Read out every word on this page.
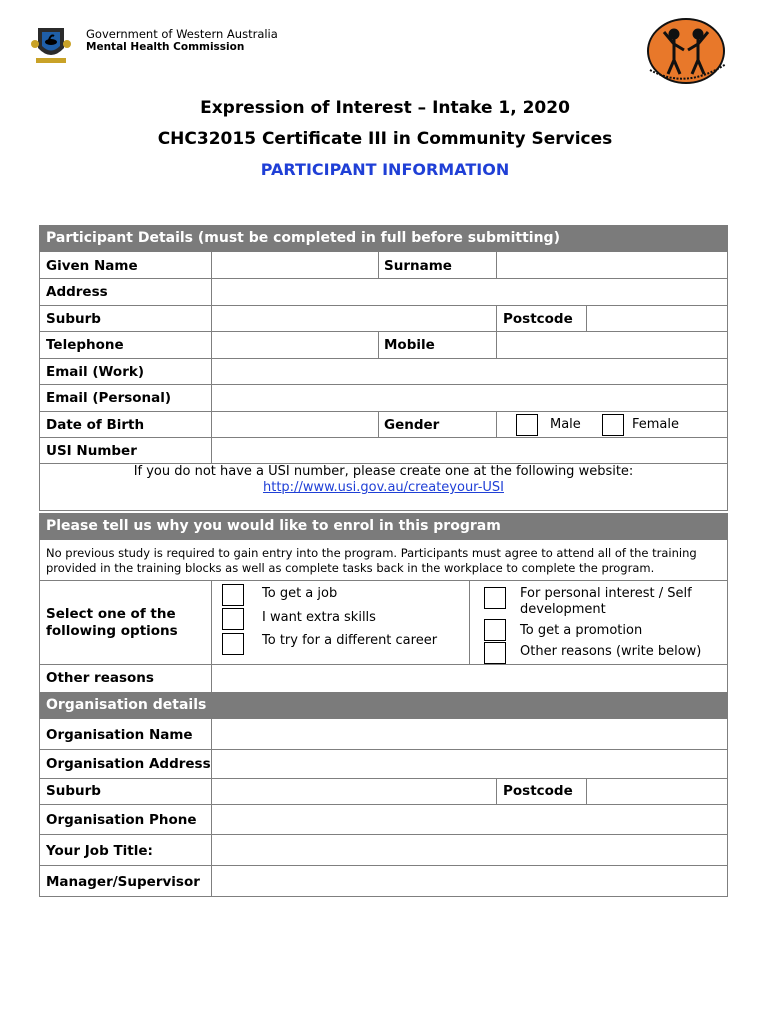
Government of Western Australia
Mental Health Commission
Expression of Interest – Intake 1, 2020
CHC32015 Certificate III in Community Services
PARTICIPANT INFORMATION
Participant Details (must be completed in full before submitting)
Given Name	Surname
Address
Suburb	Postcode
Telephone	Mobile
Email (Work)
Email (Personal)
Date of Birth	Gender	Male	Female
USI Number
If you do not have a USI number, please create one at the following website:
http://www.usi.gov.au/createyour-USI
Please tell us why you would like to enrol in this program
No previous study is required to gain entry into the program. Participants must agree to attend all of the training
provided in the training blocks as well as complete tasks back in the workplace to complete the program.
Select one of the
following options
To get a job
I want extra skills
To try for a different career
For personal interest / Self
development
To get a promotion
Other reasons (write below)
Other reasons
Organisation details
Organisation Name
Organisation Address
Suburb	Postcode
Organisation Phone
Your Job Title:
Manager/Supervisor
